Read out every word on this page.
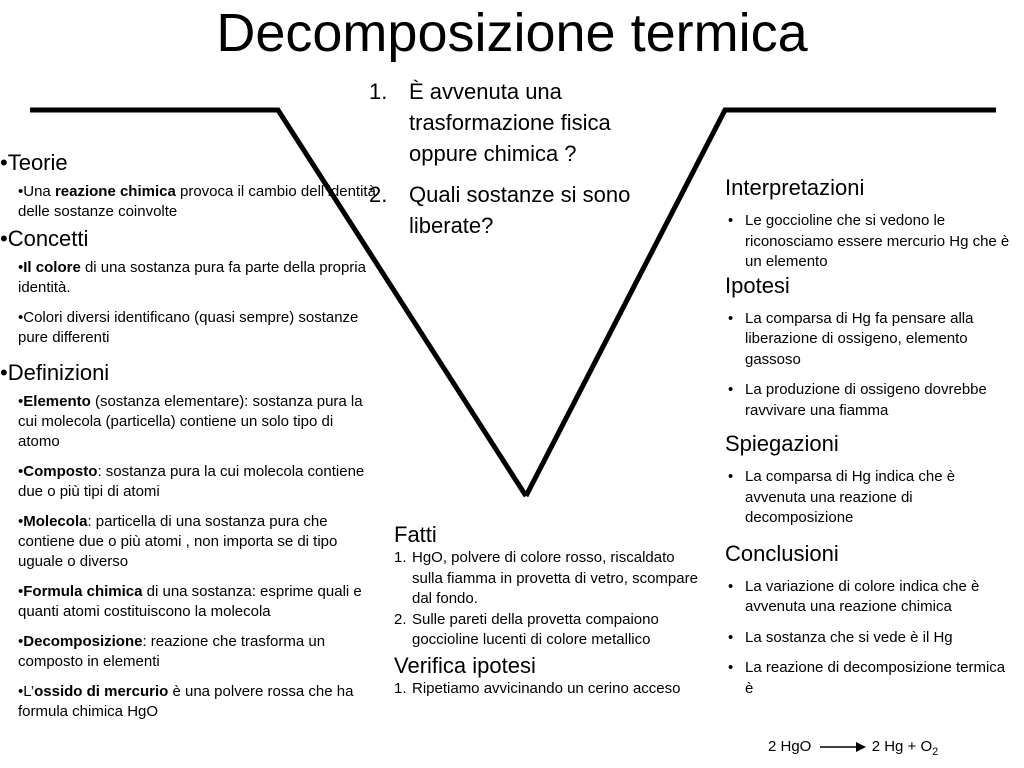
Decomposizione termica
1. È avvenuta una trasformazione fisica oppure chimica ?
2. Quali sostanze si sono liberate?
•Teorie

•Una reazione chimica provoca il cambio dell’identità delle sostanze coinvolte

•Concetti

•Il colore di una sostanza pura fa parte della propria identità.

•Colori diversi identificano (quasi sempre) sostanze pure differenti

•Definizioni

•Elemento (sostanza elementare): sostanza pura la cui molecola (particella) contiene un solo tipo di atomo

•Composto: sostanza pura la cui molecola contiene due o più tipi di atomi

•Molecola: particella di una sostanza pura che contiene due o più atomi , non importa se di tipo uguale o diverso

•Formula chimica di una sostanza: esprime quali e quanti atomi costituiscono la molecola

•Decomposizione: reazione che trasforma un composto in elementi

•L’ossido di mercurio è una polvere rossa che ha formula chimica HgO

Fatti
1. HgO, polvere di colore rosso, riscaldato sulla fiamma in provetta di vetro, scompare dal fondo.
2. Sulle pareti della provetta compaiono goccioline lucenti di colore metallico
Verifica ipotesi
1. Ripetiamo avvicinando un cerino acceso
Interpretazioni
• Le goccioline che si vedono le riconosciamo essere mercurio Hg che è un elemento
Ipotesi
• La comparsa di Hg fa pensare alla liberazione di ossigeno, elemento gassoso
• La produzione di ossigeno dovrebbe ravvivare una fiamma
Spiegazioni
• La comparsa di Hg indica che è avvenuta una reazione di decomposizione
Conclusioni
• La variazione di colore indica che è avvenuta una reazione chimica
• La sostanza che si vede è il Hg
• La reazione di decomposizione termica è
2 HgO → 2 $Hg + O_2$
